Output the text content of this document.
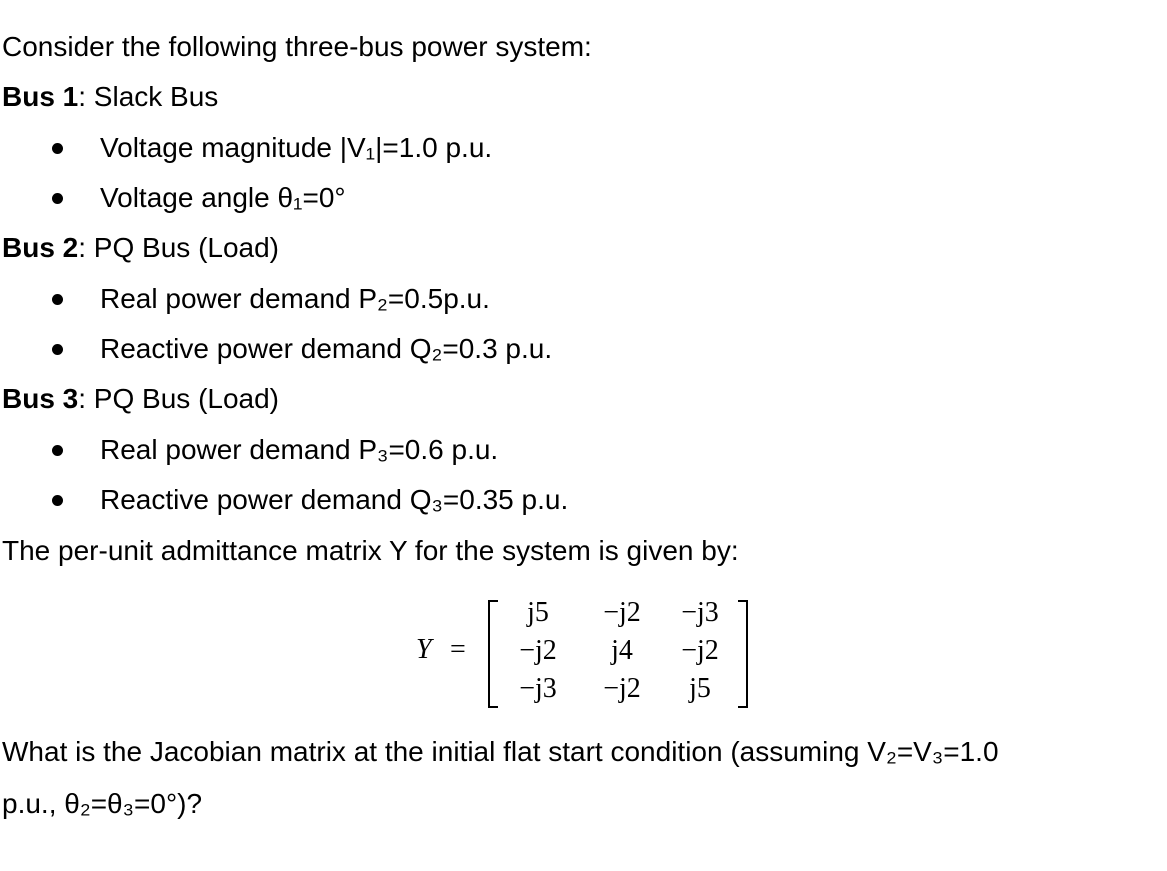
Consider the following three-bus power system:
Bus 1: Slack Bus
Voltage magnitude |V₁|=1.0 p.u.
Voltage angle θ₁=0°
Bus 2: PQ Bus (Load)
Real power demand P₂=0.5p.u.
Reactive power demand Q₂=0.3 p.u.
Bus 3: PQ Bus (Load)
Real power demand P₃=0.6 p.u.
Reactive power demand Q₃=0.35 p.u.
The per-unit admittance matrix Y for the system is given by:
Y =
j5	−j2	−j3
−j2	j4	−j2
−j3	−j2	j5
What is the Jacobian matrix at the initial flat start condition (assuming V₂=V₃=1.0
p.u., θ₂=θ₃=0°)?
